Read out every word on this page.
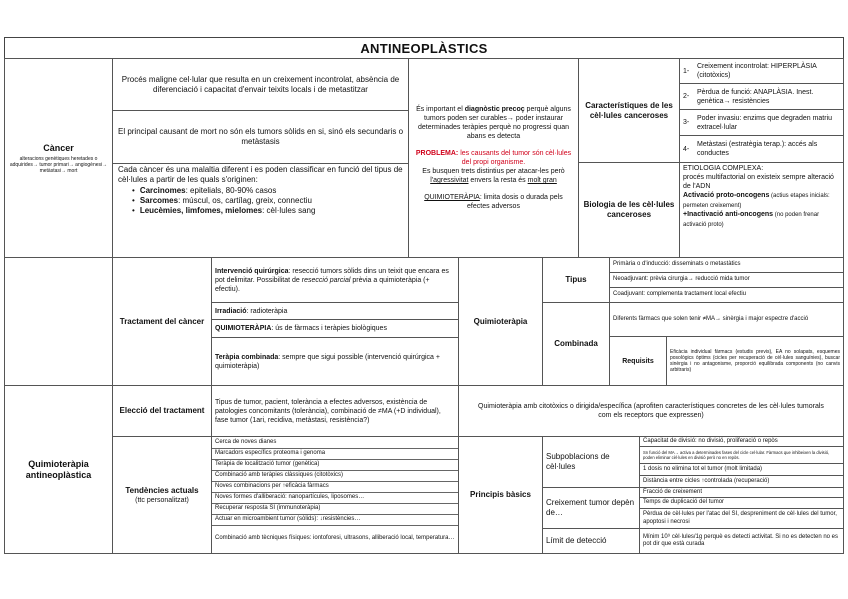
ANTINEOPLÀSTICS
Càncer
alteracions genètiques heretades o adquirides→ tumor primari→ angiogènesi→ metàstasi→ mort
Procés maligne cel·lular que resulta en un creixement incontrolat, absència de diferenciació i capacitat d'envair teixits locals i de metastitzar
El principal causant de mort no són els tumors sòlids en si, sinó els secundaris o metàstasis
Cada càncer és una malaltia diferent i es poden classificar en funció del tipus de cèl·lules a partir de les quals s'originen:
• Carcinomes: epitelials, 80-90% casos
• Sarcomes: múscul, os, cartílag, greix, connectiu
• Leucèmies, limfomes, mielomes: cèl·lules sang
És important el diagnòstic precoç perquè alguns tumors poden ser curables→ poder instaurar determinades teràpies perquè no progressi quan abans es detecta
PROBLEMA: les causants del tumor són cèl·lules del propi organisme.
Es busquen trets distintius per atacar-les però l'agressivitat envers la resta és molt gran
QUIMIOTERÀPIA: limita dosis o durada pels efectes adversos
Característiques de les cèl·lules canceroses
1-
Creixement incontrolat: HIPERPLÀSIA (citotòxics)
2-
Pèrdua de funció: ANAPLÀSIA. Inest. genètica→ resistències
3-
Poder invasiu: enzims que degraden matriu extracel·lular
4-
Metàstasi (estratègia terap.): accés als conductes
Biologia de les cèl·lules canceroses
ETIOLOGIA COMPLEXA:
procés multifactorial on existeix sempre alteració de l'ADN
Activació proto-oncogens (actius etapes inicials: permeten creixement)
+Inactivació anti-oncogens (no poden frenar activació proto)
Tractament del càncer
Intervenció quirúrgica: resecció tumors sòlids dins un teixit que encara es pot delimitar. Possibilitat de resecció parcial prèvia a quimioteràpia (+ efectiu).
Irradiació : radioteràpia
QUIMIOTERÀPIA : ús de fàrmacs i teràpies biològiques
Teràpia combinada: sempre que sigui possible (intervenció quirúrgica + quimioteràpia)
Quimioteràpia
Tipus
Primària o d'inducció: disseminats o metastàtics
Neoadjuvant: prèvia cirurgia→ reducció mida tumor
Coadjuvant: complementa tractament local efectiu
Combinada
Diferents fàrmacs que solen tenir ≠MA→ sinèrgia i major espectre d'acció
Requisits
Eficàcia individual fàrmacs (estudis previs), EA no solapats, esquemes posològics òptims (cicles per recuperació de cèl·lules sanguínies), buscar sinèrgia i no antagonisme, proporció equilibrada components (no canvis arbitraris)
Quimioteràpia antineoplàstica
Elecció del tractament
Tipus de tumor, pacient, tolerància a efectes adversos, existència de patologies concomitants (tolerància), combinació de ≠MA (+D individual), fase tumor (1ari, recidiva, metàstasi, resistència?)
Quimioteràpia amb citotòxics o dirigida/específica (aprofiten característiques concretes de les cèl·lules tumorals com els receptors que expressen)
Tendències actuals
(ttc personalitzat)
Cerca de noves dianes
Marcadors específics proteoma i genoma
Teràpia de localització tumor (genètica)
Combinació amb teràpies clàssiques (citotòxics)
Noves combinacions per ↑eficàcia fàrmacs
Noves formes d'alliberació: nanopartícules, liposomes…
Recuperar resposta SI (immunoteràpia)
Actuar en microambient tumor (sòlids): ↓resistències…
Combinació amb tècniques físiques: iontoforesi, ultrasons, alliberació local, temperatura…
Principis bàsics
Subpoblacions de cèl·lules
Capacitat de divisió: no divisió, proliferació o repòs
Sn funció del MA→ activa a determinades fases del cicle cel·lular. Fàrmacs que inhibeixen la divisió, poden eliminar cèl·lules en divisió però no en repòs.
1 dosis no elimina tot el tumor (molt limitada)
Distància entre cicles ↑controlada (recuperació)
Creixement tumor depèn de…
Fracció de creixement
Temps de duplicació del tumor
Pèrdua de cèl·lules per l'atac del SI, despreniment de cèl·lules del tumor, apoptosi i necrosi
Límit de detecció	Mínim 10⁹ cèl·lules/1g perquè es detecti activitat. Si no es detecten no es pot dir que està curada
